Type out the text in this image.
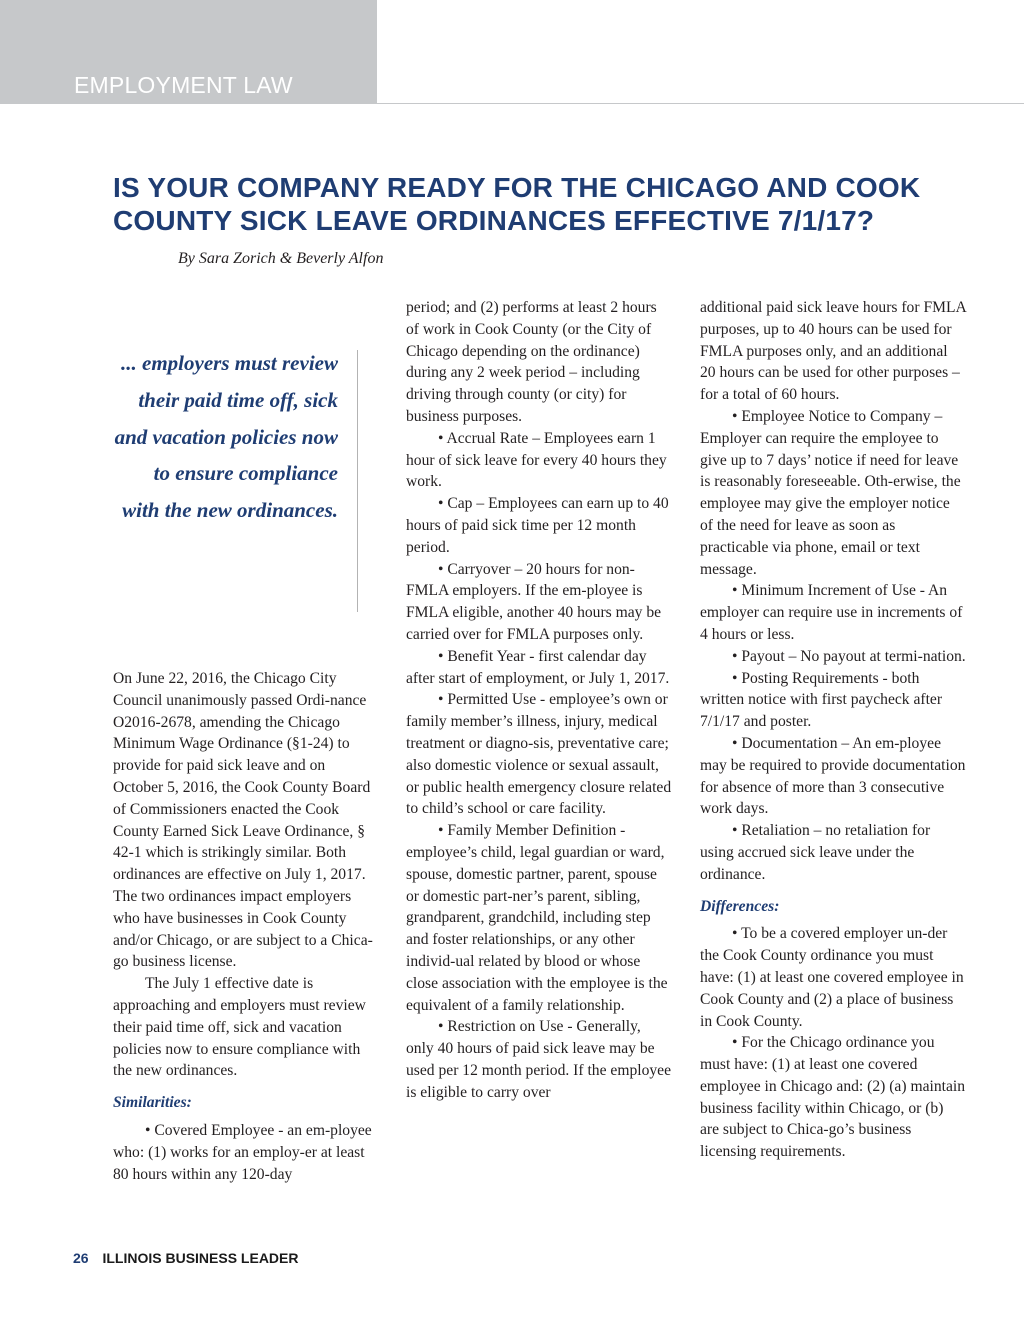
EMPLOYMENT LAW
IS YOUR COMPANY READY FOR THE CHICAGO AND COOK COUNTY SICK LEAVE ORDINANCES EFFECTIVE 7/1/17?
By Sara Zorich & Beverly Alfon
... employers must review their paid time off, sick and vacation policies now to ensure compliance with the new ordinances.

On June 22, 2016, the Chicago City Council unanimously passed Ordi-nance O2016-2678, amending the Chicago Minimum Wage Ordinance (§1-24) to provide for paid sick leave and on October 5, 2016, the Cook County Board of Commissioners enacted the Cook County Earned Sick Leave Ordinance, § 42-1 which is strikingly similar. Both ordinances are effective on July 1, 2017. The two ordinances impact employers who have businesses in Cook County and/or Chicago, or are subject to a Chica-go business license.

The July 1 effective date is approaching and employers must review their paid time off, sick and vacation policies now to ensure compliance with the new ordinances.

Similarities:

• Covered Employee - an em-ployee who: (1) works for an employ-er at least 80 hours within any 120-day

period; and (2) performs at least 2 hours of work in Cook County (or the City of Chicago depending on the ordinance) during any 2 week period – including driving through county (or city) for business purposes.

• Accrual Rate – Employees earn 1 hour of sick leave for every 40 hours they work.

• Cap – Employees can earn up to 40 hours of paid sick time per 12 month period.

• Carryover – 20 hours for non-FMLA employers. If the em-ployee is FMLA eligible, another 40 hours may be carried over for FMLA purposes only.

• Benefit Year - first calendar day after start of employment, or July 1, 2017.

• Permitted Use - employee’s own or family member’s illness, injury, medical treatment or diagno-sis, preventative care; also domestic violence or sexual assault, or public health emergency closure related to child’s school or care facility.

• Family Member Definition - employee’s child, legal guardian or ward, spouse, domestic partner, parent, spouse or domestic part-ner’s parent, sibling, grandparent, grandchild, including step and foster relationships, or any other individ-ual related by blood or whose close association with the employee is the equivalent of a family relationship.

• Restriction on Use - Generally, only 40 hours of paid sick leave may be used per 12 month period. If the employee is eligible to carry over

additional paid sick leave hours for FMLA purposes, up to 40 hours can be used for FMLA purposes only, and an additional 20 hours can be used for other purposes – for a total of 60 hours.

• Employee Notice to Company – Employer can require the employee to give up to 7 days’ notice if need for leave is reasonably foreseeable. Oth-erwise, the employee may give the employer notice of the need for leave as soon as practicable via phone, email or text message.

• Minimum Increment of Use - An employer can require use in increments of 4 hours or less.

• Payout – No payout at termi-nation.

• Posting Requirements - both written notice with first paycheck after 7/1/17 and poster.

• Documentation – An em-ployee may be required to provide documentation for absence of more than 3 consecutive work days.

• Retaliation – no retaliation for using accrued sick leave under the ordinance.

Differences:

• To be a covered employer un-der the Cook County ordinance you must have: (1) at least one covered employee in Cook County and (2) a place of business in Cook County.

• For the Chicago ordinance you must have: (1) at least one covered employee in Chicago and: (2) (a) maintain business facility within Chicago, or (b) are subject to Chica-go’s business licensing requirements.

26 ILLINOIS BUSINESS LEADER
